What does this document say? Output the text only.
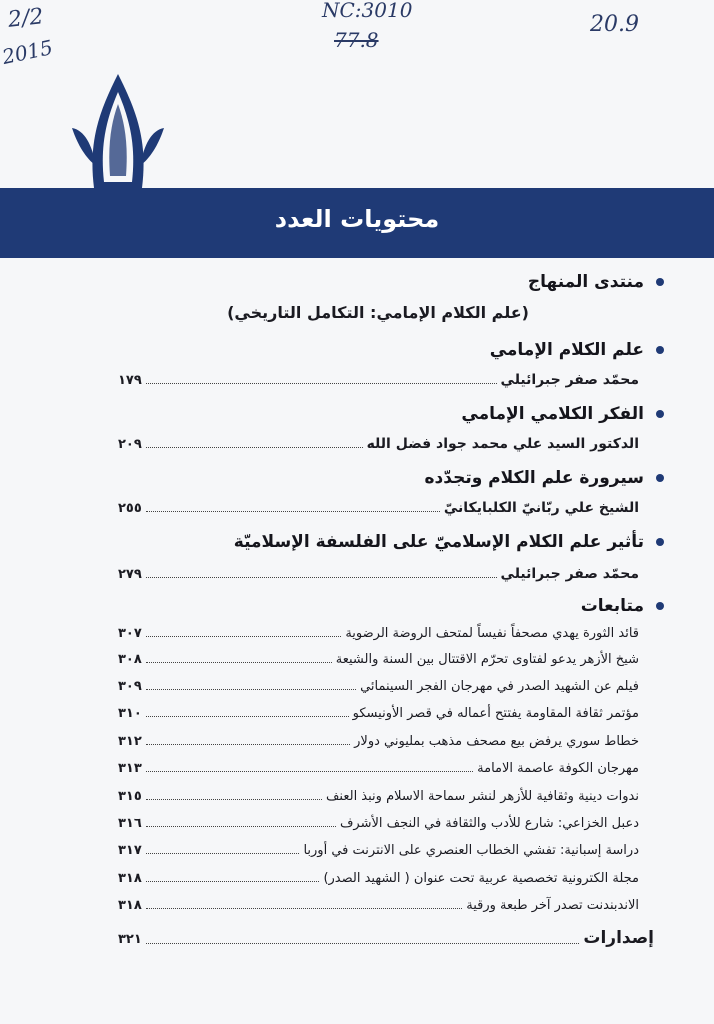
2/2
2015
NC:3010
77.8
20.9
محتويات العدد
منتدى المنهاج
(علم الكلام الإمامي: التكامل التاريخي)
علم الكلام الإمامي
محمّد صفر جبرائيلي
١٧٩
الفكر الكلامي الإمامي
الدكتور السيد علي محمد جواد فضل الله
٢٠٩
سيرورة علم الكلام وتجدّده
الشيخ علي ربّانيّ الكلبايكانيّ
٢٥٥
تأثير علم الكلام الإسلاميّ على الفلسفة الإسلاميّة
محمّد صفر جبرائيلي
٢٧٩
متابعات
قائد الثورة يهدي مصحفاً نفيساً لمتحف الروضة الرضوية
٣٠٧
شيخ الأزهر يدعو لفتاوى تحرّم الاقتتال بين السنة والشيعة
٣٠٨
فيلم عن الشهيد الصدر في مهرجان الفجر السينمائي
٣٠٩
مؤتمر ثقافة المقاومة يفتتح أعماله في قصر الأونيسكو
٣١٠
خطاط سوري يرفض بيع مصحف مذهب بمليوني دولار
٣١٢
مهرجان الكوفة عاصمة الامامة
٣١٣
ندوات دينية وثقافية للأزهر لنشر سماحة الاسلام ونبذ العنف
٣١٥
دعبل الخزاعي: شارع للأدب والثقافة في النجف الأشرف
٣١٦
دراسة إسبانية: تفشي الخطاب العنصري على الانترنت في أوربا
٣١٧
مجلة الكترونية تخصصية عربية تحت عنوان ( الشهيد الصدر)
٣١٨
الاندبندنت تصدر آخر طبعة ورقية
٣١٨
إصدارات
٣٢١
